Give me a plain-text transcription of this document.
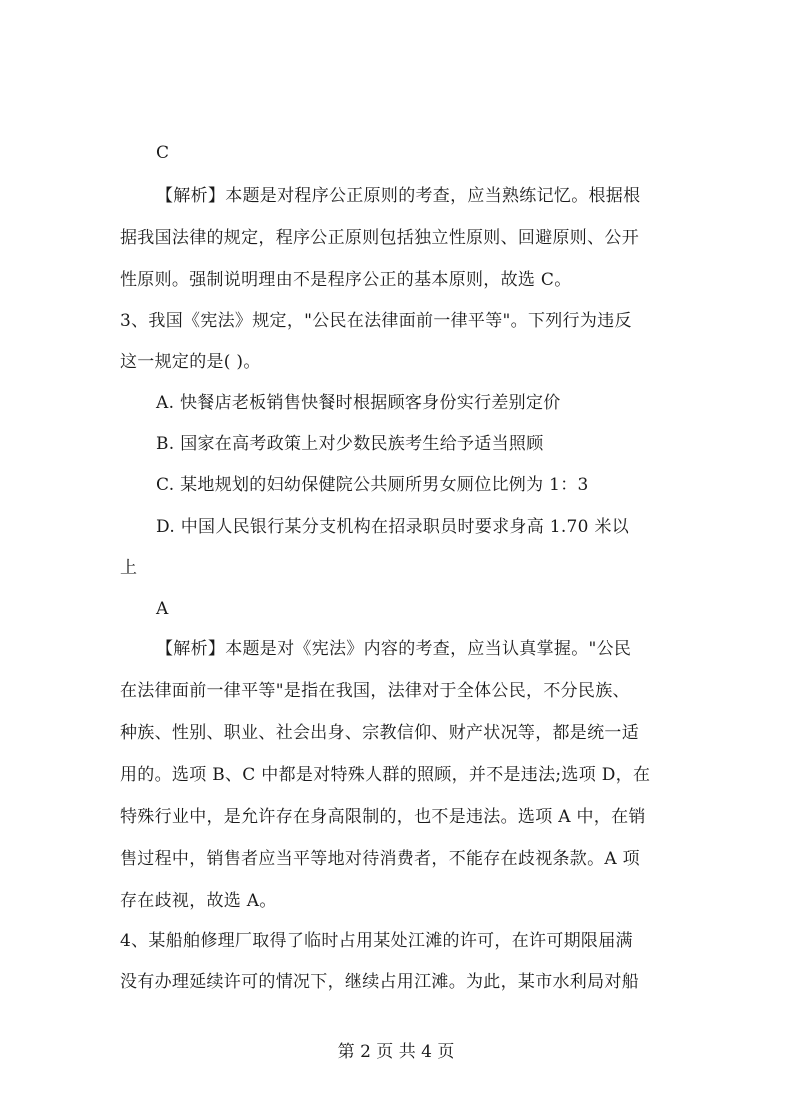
C
【解析】本题是对程序公正原则的考查，应当熟练记忆。根据根
据我国法律的规定，程序公正原则包括独立性原则、回避原则、公开
性原则。强制说明理由不是程序公正的基本原则，故选 C。
3、我国《宪法》规定，"公民在法律面前一律平等"。下列行为违反
这一规定的是( )。
A. 快餐店老板销售快餐时根据顾客身份实行差别定价
B. 国家在高考政策上对少数民族考生给予适当照顾
C. 某地规划的妇幼保健院公共厕所男女厕位比例为 1：3
D. 中国人民银行某分支机构在招录职员时要求身高 1.70 米以
上
A
【解析】本题是对《宪法》内容的考查，应当认真掌握。"公民
在法律面前一律平等"是指在我国，法律对于全体公民，不分民族、
种族、性别、职业、社会出身、宗教信仰、财产状况等，都是统一适
用的。选项 B、C 中都是对特殊人群的照顾，并不是违法;选项 D，在
特殊行业中，是允许存在身高限制的，也不是违法。选项 A 中，在销
售过程中，销售者应当平等地对待消费者，不能存在歧视条款。A 项
存在歧视，故选 A。
4、某船舶修理厂取得了临时占用某处江滩的许可，在许可期限届满
没有办理延续许可的情况下，继续占用江滩。为此，某市水利局对船
第 2 页 共 4 页
